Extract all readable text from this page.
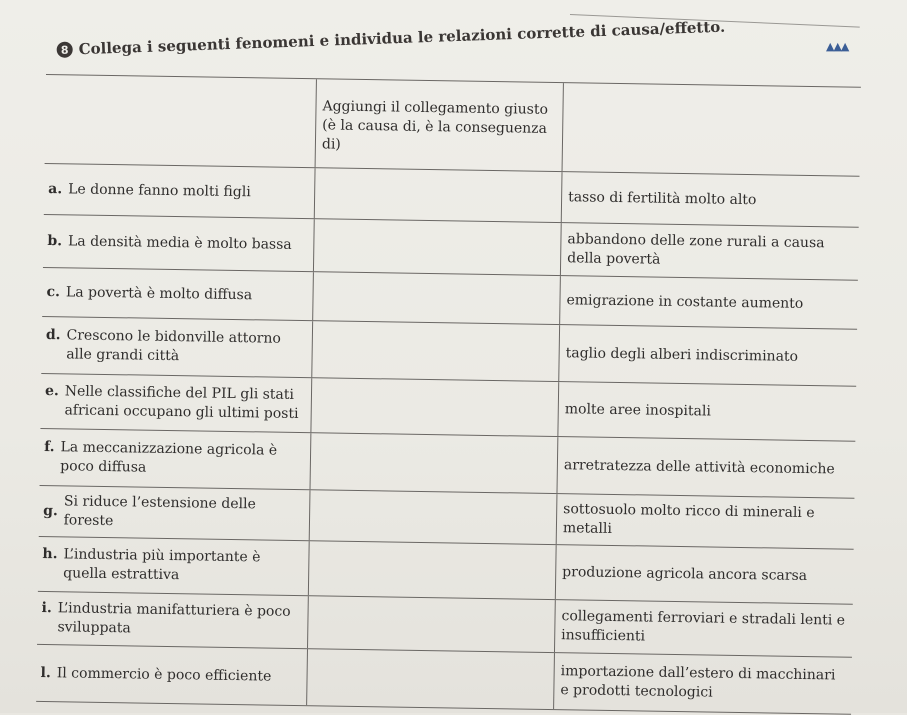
8 Collega i seguenti fenomeni e individua le relazioni corrette di causa/effetto.	▲▲▲
Aggiungi il collegamento giusto (è la causa di, è la conseguenza di)
a. Le donne fanno molti figli	tasso di fertilità molto alto
b. La densità media è molto bassa	abbandono delle zone rurali a causa della povertà
c. La povertà è molto diffusa	emigrazione in costante aumento
d. Crescono le bidonville attorno alle grandi città	taglio degli alberi indiscriminato
e. Nelle classifiche del PIL gli stati africani occupano gli ultimi posti	molte aree inospitali
f. La meccanizzazione agricola è poco diffusa	arretratezza delle attività economiche
g. Si riduce l’estensione delle foreste	sottosuolo molto ricco di minerali e metalli
h. L’industria più importante è quella estrattiva	produzione agricola ancora scarsa
i. L’industria manifatturiera è poco sviluppata	collegamenti ferroviari e stradali lenti e insufficienti
l. Il commercio è poco efficiente	importazione dall’estero di macchinari e prodotti tecnologici
